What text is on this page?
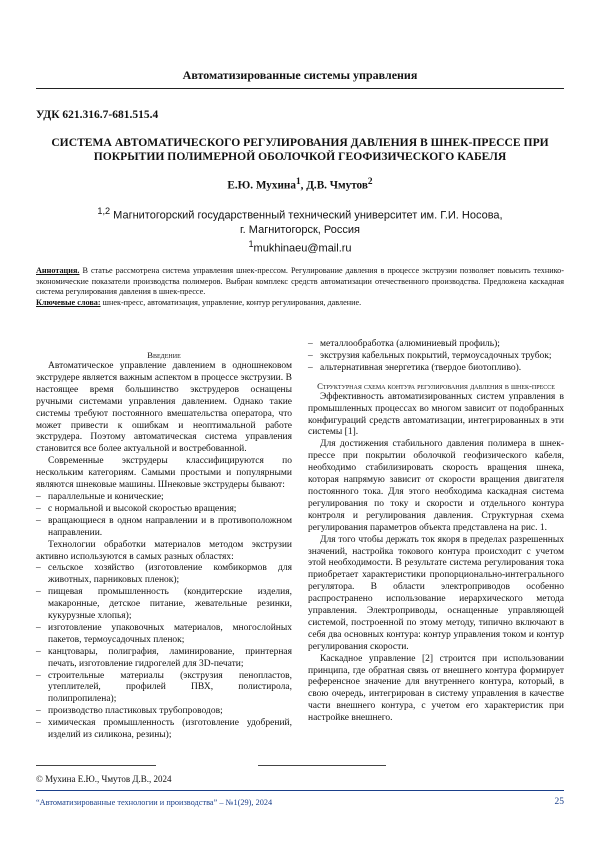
Автоматизированные системы управления
УДК 621.316.7-681.515.4
СИСТЕМА АВТОМАТИЧЕСКОГО РЕГУЛИРОВАНИЯ ДАВЛЕНИЯ В ШНЕК-ПРЕССЕ ПРИ ПОКРЫТИИ ПОЛИМЕРНОЙ ОБОЛОЧКОЙ ГЕОФИЗИЧЕСКОГО КАБЕЛЯ
Е.Ю. Мухина$^1$, Д.В. Чмутов$^2$
$^{1,2}$ Магнитогорский государственный технический университет им. Г.И. Носова,
г. Магнитогорск, Россия
$^1$mukhinaeu@mail.ru
Аннотация. В статье рассмотрена система управления шнек-прессом. Регулирование давления в процессе экструзии позволяет повысить технико-экономические показатели производства полимеров. Выбран комплекс средств автоматизации отечественного производства. Предложена каскадная система регулирования давления в шнек-прессе.
Ключевые слова: шнек-пресс, автоматизация, управление, контур регулирования, давление.
Введение

Автоматическое управление давлением в одношнековом экструдере является важным аспектом в процессе экструзии. В настоящее время большинство экструдеров оснащены ручными системами управления давлением. Однако такие системы требуют постоянного вмешательства оператора, что может привести к ошибкам и неоптимальной работе экструдера. Поэтому автоматическая система управления становится все более актуальной и востребованной.

Современные экструдеры классифицируются по нескольким категориям. Самыми простыми и популярными являются шнековые машины. Шнековые экструдеры бывают:

– параллельные и конические;

– с нормальной и высокой скоростью вращения;

– вращающиеся в одном направлении и в противоположном направлении.

Технологии обработки материалов методом экструзии активно используются в самых разных областях:

– сельское хозяйство (изготовление комбикормов для животных, парниковых пленок);

– пищевая промышленность (кондитерские изделия, макаронные, детское питание, жевательные резинки, кукурузные хлопья);

– изготовление упаковочных материалов, многослойных пакетов, термоусадочных пленок;

– канцтовары, полиграфия, ламинирование, принтерная печать, изготовление гидрогелей для 3D-печати;

– строительные материалы (экструзия пенопластов, утеплителей, профилей ПВХ, полистирола, полипропилена);

– производство пластиковых трубопроводов;

– химическая промышленность (изготовление удобрений, изделий из силикона, резины);

– металлообработка (алюминиевый профиль);

– экструзия кабельных покрытий, термоусадочных трубок;

– альтернативная энергетика (твердое биотопливо).

Структурная схема контура регулирования давления в шнек-прессе

Эффективность автоматизированных систем управления в промышленных процессах во многом зависит от подобранных конфигураций средств автоматизации, интегрированных в эти системы [1].

Для достижения стабильного давления полимера в шнек-прессе при покрытии оболочкой геофизического кабеля, необходимо стабилизировать скорость вращения шнека, которая напрямую зависит от скорости вращения двигателя постоянного тока. Для этого необходима каскадная система регулирования по току и скорости и отдельного контура контроля и регулирования давления. Структурная схема регулирования параметров объекта представлена на рис. 1.

Для того чтобы держать ток якоря в пределах разрешенных значений, настройка токового контура происходит с учетом этой необходимости. В результате система регулирования тока приобретает характеристики пропорционально-интегрального регулятора. В области электроприводов особенно распространено использование иерархического метода управления. Электроприводы, оснащенные управляющей системой, построенной по этому методу, типично включают в себя два основных контура: контур управления током и контур регулирования скорости.

Каскадное управление [2] строится при использовании принципа, где обратная связь от внешнего контура формирует референсное значение для внутреннего контура, который, в свою очередь, интегрирован в систему управления в качестве части внешнего контура, с учетом его характеристик при настройке внешнего.

© Мухина Е.Ю., Чмутов Д.В., 2024
“Автоматизированные технологии и производства” – №1(29), 2024	25
